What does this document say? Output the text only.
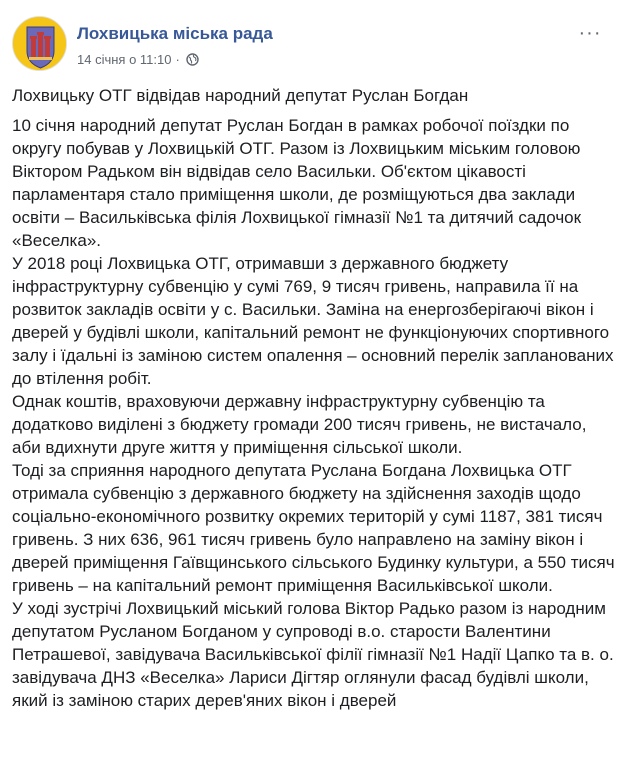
Лохвицька міська рада
14 січня о 11:10 ·
···
Лохвицьку ОТГ відвідав народний депутат Руслан Богдан

10 січня народний депутат Руслан Богдан в рамках робочої поїздки по округу побував у Лохвицькій ОТГ. Разом із Лохвицьким міським головою Віктором Радьком він відвідав село Васильки. Об'єктом цікавості парламентаря стало приміщення школи, де розміщуються два заклади освіти – Васильківська філія Лохвицької гімназії №1 та дитячий садочок «Веселка».

У 2018 році Лохвицька ОТГ, отримавши з державного бюджету інфраструктурну субвенцію у сумі 769, 9 тисяч гривень, направила її на розвиток закладів освіти у с. Васильки. Заміна на енергозберігаючі вікон і дверей у будівлі школи, капітальний ремонт не функціонуючих спортивного залу і їдальні із заміною систем опалення – основний перелік запланованих до втілення робіт.

Однак коштів, враховуючи державну інфраструктурну субвенцію та додатково виділені з бюджету громади 200 тисяч гривень, не вистачало, аби вдихнути друге життя у приміщення сільської школи.

Тоді за сприяння народного депутата Руслана Богдана Лохвицька ОТГ отримала субвенцію з державного бюджету на здійснення заходів щодо соціально-економічного розвитку окремих територій у сумі 1187, 381 тисяч гривень. З них 636, 961 тисяч гривень було направлено на заміну вікон і дверей приміщення Гаївщинського сільського Будинку культури, а 550 тисяч гривень – на капітальний ремонт приміщення Васильківської школи.

У ході зустрічі Лохвицький міський голова Віктор Радько разом із народним депутатом Русланом Богданом у супроводі в.о. старости Валентини Петрашевої, завідувача Васильківської філії гімназії №1 Надії Цапко та в. о. завідувача ДНЗ «Веселка» Лариси Дігтяр оглянули фасад будівлі школи, який із заміною старих дерев'яних вікон і дверей
